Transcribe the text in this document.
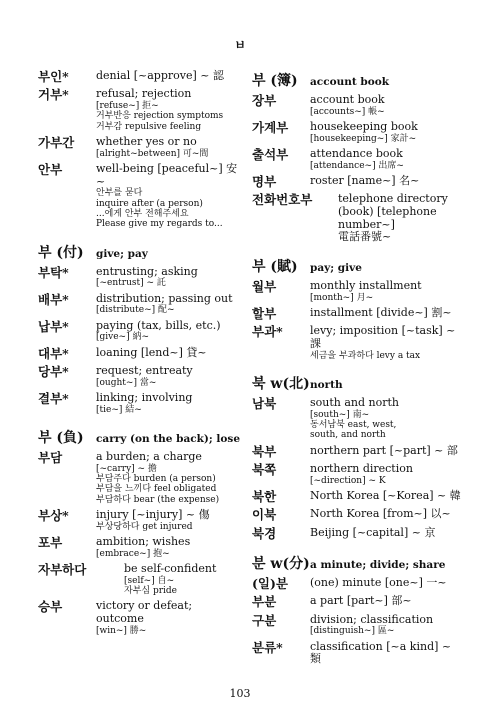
ㅂ
부인*	denial [~approve] ~ 認
거부*	refusal; rejection
[refuse~] 拒~
거부반응 rejection symptoms
거부감 repulsive feeling
가부간	whether yes or no
[alright~between] 可~間
안부	well-being [peaceful~] 安~
안부를 묻다
inquire after (a person)
...에게 안부 전해주세요
Please give my regards to...
부 (付)	give; pay
부탁*	entrusting; asking
[~entrust] ~ 託
배부*	distribution; passing out
[distribute~] 配~
납부*	paying (tax, bills, etc.)
[give~] 納~
대부*	loaning [lend~] 貸~
당부*	request; entreaty
[ought~] 當~
결부*	linking; involving
[tie~] 結~
부 (負)	carry (on the back); lose
부담	a burden; a charge
[~carry] ~ 擔
부담주다 burden (a person)
부담을 느끼다 feel obligated
부담하다 bear (the expense)
부상*	injury [~injury] ~ 傷
부상당하다 get injured
포부	ambition; wishes
[embrace~] 抱~
자부하다	be self-confident
[self~] 自~
자부심 pride
승부	victory or defeat; outcome
[win~] 勝~
부 (簿)	account book
장부	account book
[accounts~] 帳~
가계부	housekeeping book
[housekeeping~] 家計~
출석부	attendance book
[attendance~] 出席~
명부	roster [name~] 名~
전화번호부	telephone directory
(book) [telephone number~]
電話番號~
부 (賦)	pay; give
월부	monthly installment
[month~] 月~
할부	installment [divide~] 割~
부과*	levy; imposition [~task] ~ 課
세금을 부과하다 levy a tax
북 w(北) north
남북	south and north
[south~] 南~
동서남북 east, west,
south, and north
북부	northern part [~part] ~ 部
북쪽	northern direction
[~direction] ~ K
북한	North Korea [~Korea] ~ 韓
이북	North Korea [from~] 以~
북경	Beijing [~capital] ~ 京
분 w(分) a minute; divide; share
(일)분	(one) minute [one~] 一~
부분	a part [part~] 部~
구분	division; classification
[distinguish~] 區~
분류*	classification [~a kind] ~ 類
103
